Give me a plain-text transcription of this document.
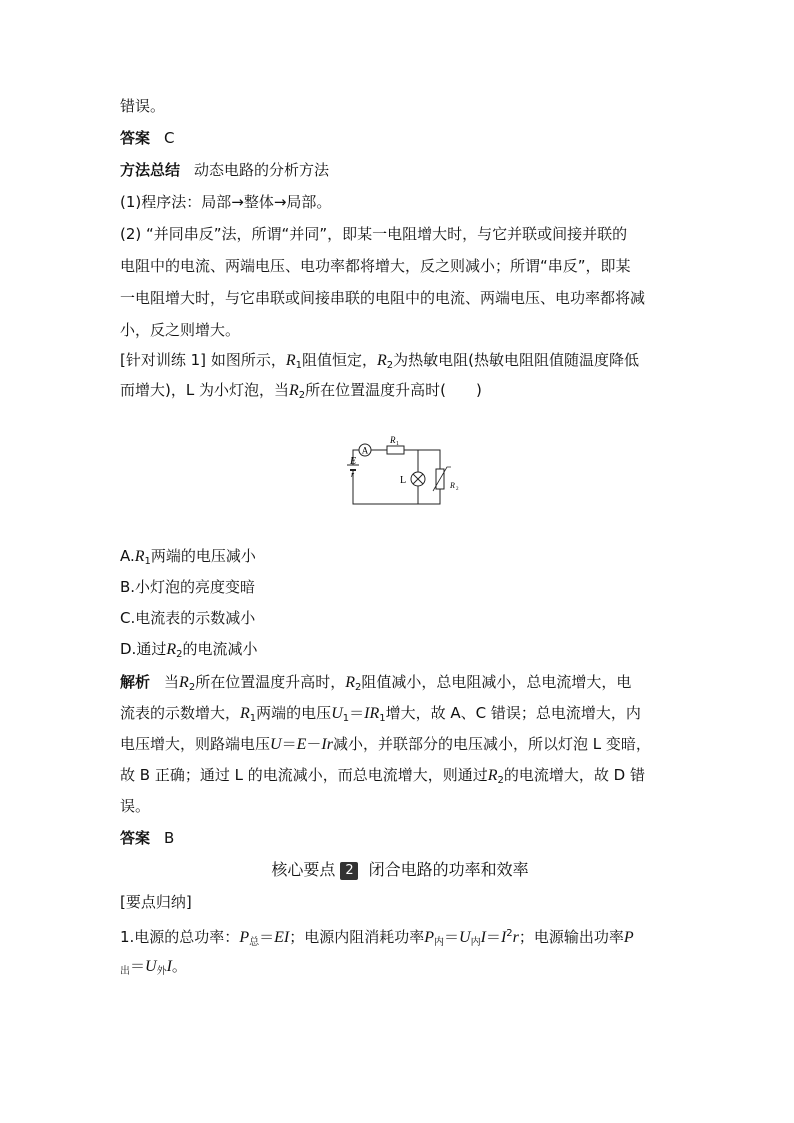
错误。
答案 C
方法总结 动态电路的分析方法
(1)程序法：局部→整体→局部。
(2) “并同串反”法，所谓“并同”，即某一电阻增大时，与它并联或间接并联的
电阻中的电流、两端电压、电功率都将增大，反之则减小；所谓“串反”，即某
一电阻增大时，与它串联或间接串联的电阻中的电流、两端电压、电功率都将减
小，反之则增大。
[针对训练 1] 如图所示，$R_1$阻值恒定，$R_2$为热敏电阻(热敏电阻阻值随温度降低
而增大)，L 为小灯泡，当$R_2$所在位置温度升高时(　　)
A
R 1
L	R 2
E
r
$A.R_1$两端的电压减小
B.小灯泡的亮度变暗
C.电流表的示数减小
D.通过$R_2$的电流减小
解析 当$R_2$所在位置温度升高时，$R_2$阻值减小，总电阻减小，总电流增大，电
流表的示数增大，$R_1$两端的电压$U_1=IR_1$增大，故 A、C 错误；总电流增大，内
电压增大，则路端电压U＝E－Ir减小，并联部分的电压减小，所以灯泡 L 变暗，
故 B 正确；通过 L 的电流减小，而总电流增大，则通过$R_2$的电流增大，故 D 错
误。
答案 B
核心要点 2 闭合电路的功率和效率
[要点归纳]
1.电源的总功率：$P_总=EI$；电源内阻消耗功率$P_内=U_内I=I^2r$；电源输出功率P
$_出=U_外I$。
